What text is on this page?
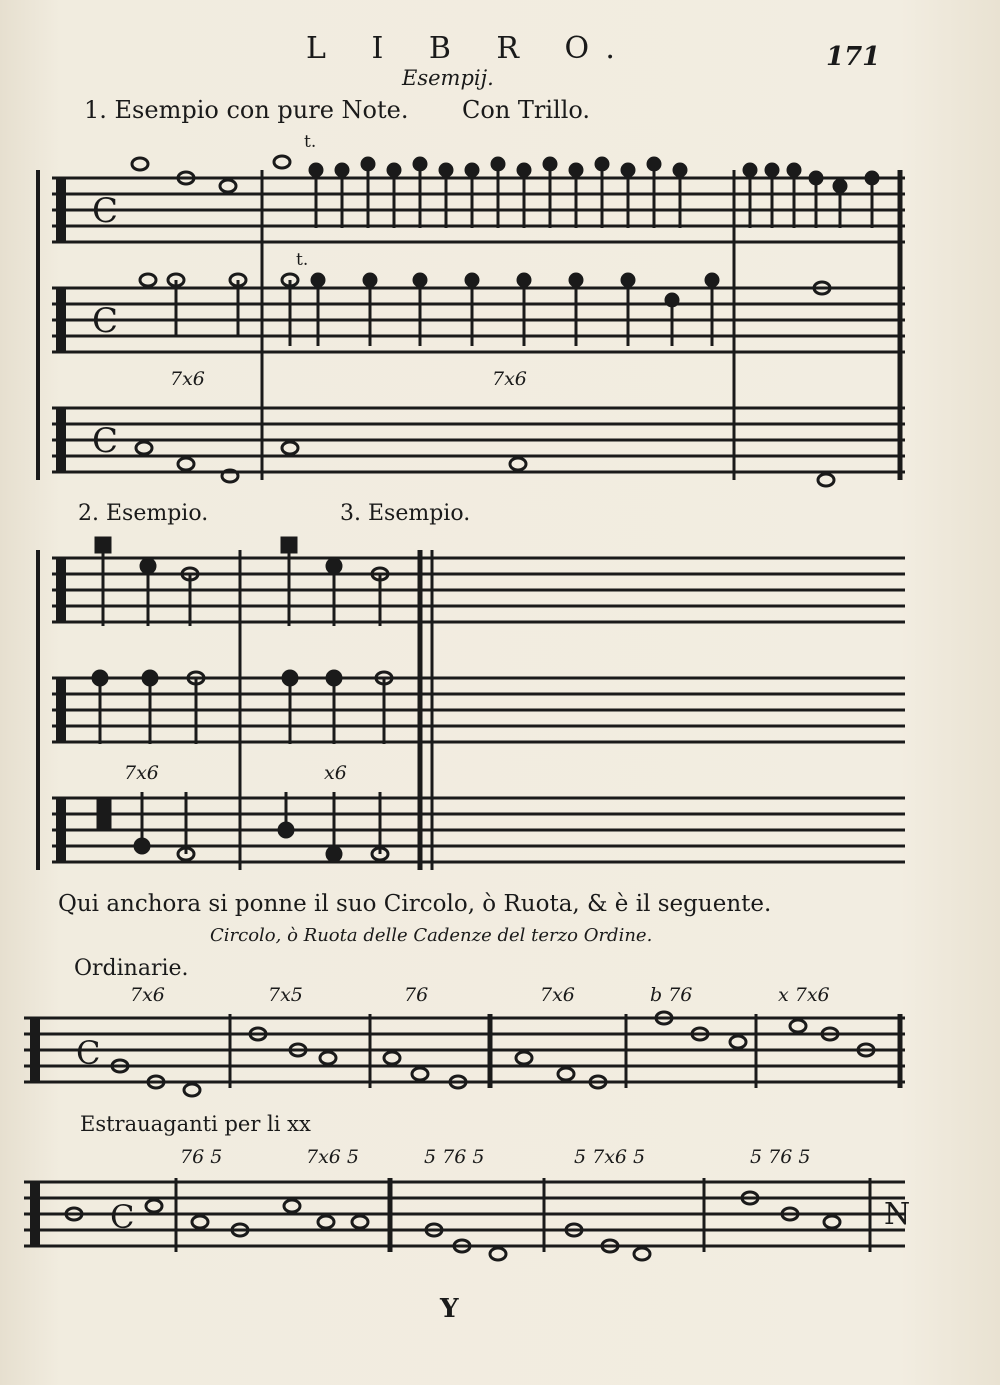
L I B R O.	171
Esempij.
1. Esempio con pure Note. Con Trillo.
t.
t.
C
C
C
7x6	7x6
2. Esempio.	3. Esempio.
7x6	x6
Qui anchora si ponne il suo Circolo, ò Ruota, & è il seguente.
Circolo, ò Ruota delle Cadenze del terzo Ordine.
Ordinarie.
7x6	7x5	76	7x6	b 76	x 7x6
C
Estrauaganti per li xx
76 5	7x6 5	5 76 5	5 7x6 5	5 76 5
C	N
Y
